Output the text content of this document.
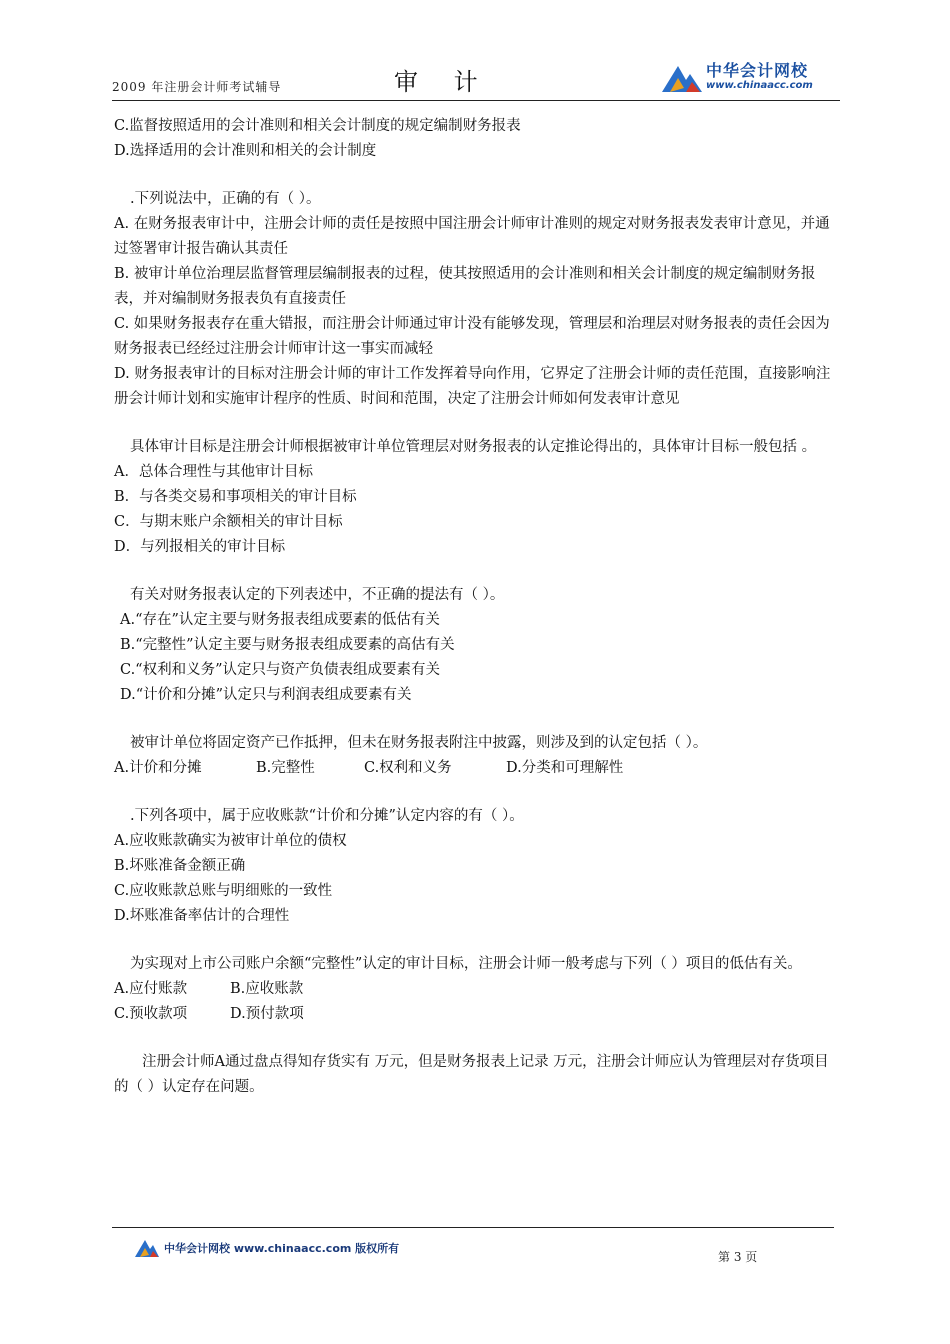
2009 年注册会计师考试辅导	审 计	中华会计网校
www.chinaacc.com

C.监督按照适用的会计准则和相关会计制度的规定编制财务报表

D.选择适用的会计准则和相关的会计制度

.下列说法中，正确的有（ ）。

A. 在财务报表审计中，注册会计师的责任是按照中国注册会计师审计准则的规定对财务报表发表审计意见，并通过签署审计报告确认其责任

B. 被审计单位治理层监督管理层编制报表的过程，使其按照适用的会计准则和相关会计制度的规定编制财务报表，并对编制财务报表负有直接责任

C. 如果财务报表存在重大错报，而注册会计师通过审计没有能够发现，管理层和治理层对财务报表的责任会因为财务报表已经经过注册会计师审计这一事实而减轻

D. 财务报表审计的目标对注册会计师的审计工作发挥着导向作用，它界定了注册会计师的责任范围，直接影响注册会计师计划和实施审计程序的性质、时间和范围，决定了注册会计师如何发表审计意见

具体审计目标是注册会计师根据被审计单位管理层对财务报表的认定推论得出的，具体审计目标一般包括 。

A．总体合理性与其他审计目标

B．与各类交易和事项相关的审计目标

C．与期末账户余额相关的审计目标

D．与列报相关的审计目标

有关对财务报表认定的下列表述中，不正确的提法有（ ）。

A.“存在”认定主要与财务报表组成要素的低估有关

B.“完整性”认定主要与财务报表组成要素的高估有关

C.“权利和义务”认定只与资产负债表组成要素有关

D.“计价和分摊”认定只与利润表组成要素有关

被审计单位将固定资产已作抵押，但未在财务报表附注中披露，则涉及到的认定包括（ ）。

A.计价和分摊	B.完整性	C.权利和义务	D.分类和可理解性

.下列各项中，属于应收账款“计价和分摊”认定内容的有（ ）。

A.应收账款确实为被审计单位的债权

B.坏账准备金额正确

C.应收账款总账与明细账的一致性

D.坏账准备率估计的合理性

为实现对上市公司账户余额“完整性”认定的审计目标，注册会计师一般考虑与下列（ ）项目的低估有关。

A.应付账款	B.应收账款

C.预收款项	D.预付款项

注册会计师A通过盘点得知存货实有 万元，但是财务报表上记录 万元，注册会计师应认为管理层对存货项目的（ ）认定存在问题。

中华会计网校 www.chinaacc.com 版权所有
第 3 页
